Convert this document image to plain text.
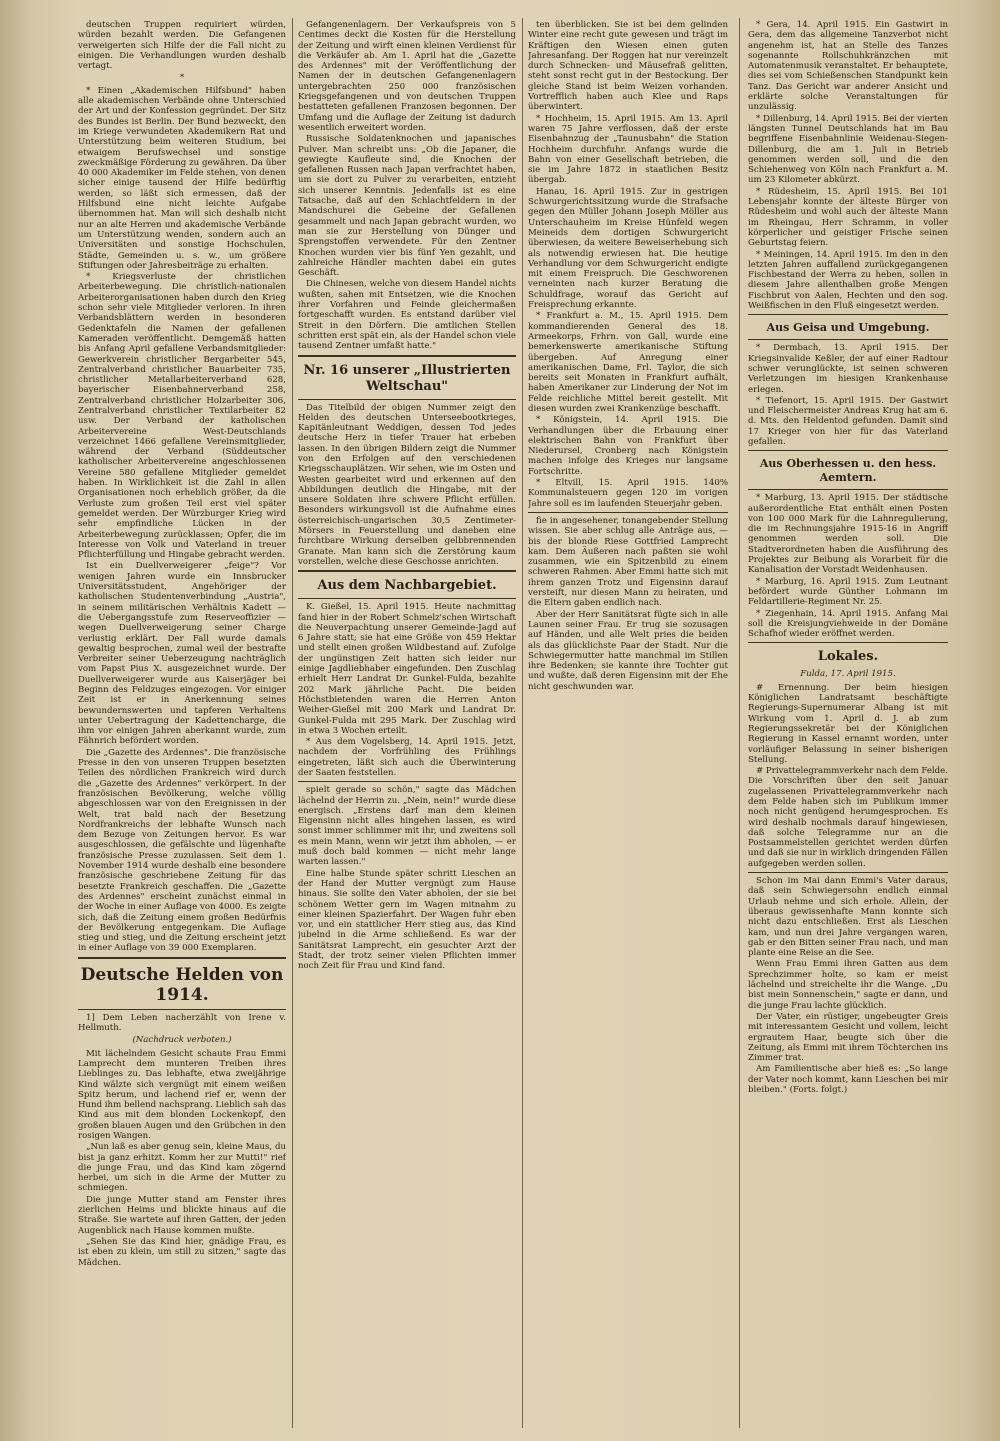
deutschen Truppen requiriert würden, würden bezahlt werden. Die Gefangenen verweigerten sich Hilfe der die Fall nicht zu einigen. Die Verhandlungen wurden deshalb vertagt.

*

* Einen „Akademischen Hilfsbund" haben alle akademischen Verbände ohne Unterschied der Art und der Konfession gegründet. Der Sitz des Bundes ist Berlin. Der Bund bezweckt, den im Kriege verwundeten Akademikern Rat und Unterstützung beim weiteren Studium, bei etwaigem Berufswechsel und sonstige zweckmäßige Förderung zu gewähren. Da über 40 000 Akademiker im Felde stehen, von denen sicher einige tausend der Hilfe bedürftig werden, so läßt sich ermessen, daß der Hilfsbund eine nicht leichte Aufgabe übernommen hat. Man will sich deshalb nicht nur an alte Herren und akademische Verbände um Unterstützung wenden, sondern auch an Universitäten und sonstige Hochschulen, Städte, Gemeinden u. s. w., um größere Stiftungen oder Jahresbeiträge zu erhalten.

* Kriegsverluste der christlichen Arbeiterbewegung. Die christlich-nationalen Arbeiterorganisationen haben durch den Krieg schon sehr viele Mitglieder verloren. In ihren Verbandsblättern werden in besonderen Gedenktafeln die Namen der gefallenen Kameraden veröffentlicht. Demgemäß hatten bis Anfang April gefallene Verbandsmitglieder: Gewerkverein christlicher Bergarbeiter 545, Zentralverband christlicher Bauarbeiter 735, christlicher Metallarbeiterverband 628, bayerischer Eisenbahnerverband 258, Zentralverband christlicher Holzarbeiter 306, Zentralverband christlicher Textilarbeiter 82 usw. Der Verband der katholischen Arbeitervereine West-Deutschlands verzeichnet 1466 gefallene Vereinsmitglieder, während der Verband (Süddeutscher katholischer Arbeitervereine angeschlossenen Vereine 580 gefallene Mitglieder gemeldet haben. In Wirklichkeit ist die Zahl in allen Organisationen noch erheblich größer, da die Verluste zum großen Teil erst viel später gemeldet werden. Der Würzburger Krieg wird sehr empfindliche Lücken in der Arbeiterbewegung zurücklassen; Opfer, die im Interesse von Volk und Vaterland in treuer Pflichterfüllung und Hingabe gebracht werden.

Ist ein Duellverweigerer „feige"? Vor wenigen Jahren wurde ein Innsbrucker Universitätsstudent, Angehöriger der katholischen Studentenverbindung „Austria", in seinem militärischen Verhältnis Kadett — die Uebergangsstufe zum Reserveoffizier — wegen Duellverweigerung seiner Charge verlustig erklärt. Der Fall wurde damals gewaltig besprochen, zumal weil der bestrafte Verbreiter seiner Ueberzeugung nachträglich vom Papst Pius X. ausgezeichnet wurde. Der Duellverweigerer wurde aus Kaiserjäger bei Beginn des Feldzuges eingezogen. Vor einiger Zeit ist er in Anerkennung seines bewundernswerten und tapferen Verhaltens unter Uebertragung der Kadettencharge, die ihm vor einigen Jahren aberkannt wurde, zum Fähnrich befördert worden.

Die „Gazette des Ardennes". Die französische Presse in den von unseren Truppen besetzten Teilen des nördlichen Frankreich wird durch die „Gazette des Ardennes" verkörpert. In der französischen Bevölkerung, welche völlig abgeschlossen war von den Ereignissen in der Welt, trat bald nach der Besetzung Nordfrankreichs der lebhafte Wunsch nach dem Bezuge von Zeitungen hervor. Es war ausgeschlossen, die gefälschte und lügenhafte französische Presse zuzulassen. Seit dem 1. November 1914 wurde deshalb eine besondere französische geschriebene Zeitung für das besetzte Frankreich geschaffen. Die „Gazette des Ardennes" erscheint zunächst einmal in der Woche in einer Auflage von 4000. Es zeigte sich, daß die Zeitung einem großen Bedürfnis der Bevölkerung entgegenkam. Die Auflage stieg und stieg, und die Zeitung erscheint jetzt in einer Auflage von 39 000 Exemplaren.

Deutsche Helden von 1914.

1] Dem Leben nacherzählt von Irene v. Hellmuth.

(Nachdruck verboten.)

Mit lächelndem Gesicht schaute Frau Emmi Lamprecht dem munteren Treiben ihres Lieblinges zu. Das lebhafte, etwa zweijährige Kind wälzte sich vergnügt mit einem weißen Spitz herum, und lachend rief er, wenn der Hund ihm bellend nachsprang. Lieblich sah das Kind aus mit dem blonden Lockenkopf, den großen blauen Augen und den Grübchen in den rosigen Wangen.

„Nun laß es aber genug sein, kleine Maus, du bist ja ganz erhitzt. Komm her zur Mutti!" rief die junge Frau, und das Kind kam zögernd herbei, um sich in die Arme der Mutter zu schmiegen.

Die junge Mutter stand am Fenster ihres zierlichen Heims und blickte hinaus auf die Straße. Sie wartete auf ihren Gatten, der jeden Augenblick nach Hause kommen mußte.

„Sehen Sie das Kind hier, gnädige Frau, es ist eben zu klein, um still zu sitzen," sagte das Mädchen.

Gefangenenlagern. Der Verkaufspreis von 5 Centimes deckt die Kosten für die Herstellung der Zeitung und wirft einen kleinen Verdienst für die Verkäufer ab. Am 1. April hat die „Gazette des Ardennes" mit der Veröffentlichung der Namen der in deutschen Gefangenenlagern untergebrachten 250 000 französischen Kriegsgefangenen und von deutschen Truppen bestatteten gefallenen Franzosen begonnen. Der Umfang und die Auflage der Zeitung ist dadurch wesentlich erweitert worden.

Russische Soldatenknochen und japanisches Pulver. Man schreibt uns: „Ob die Japaner, die gewiegte Kaufleute sind, die Knochen der gefallenen Russen nach Japan verfrachtet haben, um sie dort zu Pulver zu verarbeiten, entzieht sich unserer Kenntnis. Jedenfalls ist es eine Tatsache, daß auf den Schlachtfeldern in der Mandschurei die Gebeine der Gefallenen gesammelt und nach Japan gebracht wurden, wo man sie zur Herstellung von Dünger und Sprengstoffen verwendete. Für den Zentner Knochen wurden vier bis fünf Yen gezahlt, und zahlreiche Händler machten dabei ein gutes Geschäft.

Die Chinesen, welche von diesem Handel nichts wußten, sahen mit Entsetzen, wie die Knochen ihrer Vorfahren und Feinde gleichermaßen fortgeschafft wurden. Es entstand darüber viel Streit in den Dörfern. Die amtlichen Stellen schritten erst spät ein, als der Handel schon viele tausend Zentner umfaßt hatte."

Nr. 16 unserer „Illustrierten Weltschau"

Das Titelbild der obigen Nummer zeigt den Helden des deutschen Unterseebootkrieges, Kapitänleutnant Weddigen, dessen Tod jedes deutsche Herz in tiefer Trauer hat erbeben lassen. In den übrigen Bildern zeigt die Nummer von den Erfolgen auf den verschiedenen Kriegsschauplätzen. Wir sehen, wie im Osten und Westen gearbeitet wird und erkennen auf den Abbildungen deutlich die Hingabe, mit der unsere Soldaten ihre schwere Pflicht erfüllen. Besonders wirkungsvoll ist die Aufnahme eines österreichisch-ungarischen 30,5 Zentimeter-Mörsers in Feuerstellung und daneben eine furchtbare Wirkung derselben gelbbrennenden Granate. Man kann sich die Zerstörung kaum vorstellen, welche diese Geschosse anrichten.

Aus dem Nachbargebiet.

K. Gießel, 15. April 1915. Heute nachmittag fand hier in der Robert Schmelz'schen Wirtschaft die Neuverpachtung unserer Gemeinde-Jagd auf 6 Jahre statt; sie hat eine Größe von 459 Hektar und stellt einen großen Wildbestand auf. Zufolge der ungünstigen Zeit hatten sich leider nur einige Jagdliebhaber eingefunden. Den Zuschlag erhielt Herr Landrat Dr. Gunkel-Fulda, bezahlte 202 Mark jährliche Pacht. Die beiden Höchstbietenden waren die Herren Anton Weiher-Gießel mit 200 Mark und Landrat Dr. Gunkel-Fulda mit 295 Mark. Der Zuschlag wird in etwa 3 Wochen erteilt.

* Aus dem Vogelsberg, 14. April 1915. Jetzt, nachdem der Vorfrühling des Frühlings eingetreten, läßt sich auch die Überwinterung der Saaten feststellen.

spielt gerade so schön," sagte das Mädchen lächelnd der Herrin zu. „Nein, nein!" wurde diese energisch. „Erstens darf man dem kleinen Eigensinn nicht alles hingehen lassen, es wird sonst immer schlimmer mit ihr, und zweitens soll es mein Mann, wenn wir jetzt ihm abholen, — er muß doch bald kommen — nicht mehr lange warten lassen."

Eine halbe Stunde später schritt Lieschen an der Hand der Mutter vergnügt zum Hause hinaus. Sie sollte den Vater abholen, der sie bei schönem Wetter gern im Wagen mitnahm zu einer kleinen Spazierfahrt. Der Wagen fuhr eben vor, und ein stattlicher Herr stieg aus, das Kind jubelnd in die Arme schließend. Es war der Sanitätsrat Lamprecht, ein gesuchter Arzt der Stadt, der trotz seiner vielen Pflichten immer noch Zeit für Frau und Kind fand.

ten überblicken. Sie ist bei dem gelinden Winter eine recht gute gewesen und trägt im Kräftigen den Wiesen einen guten Jahresanfang. Der Roggen hat nur vereinzelt durch Schnecken- und Mäusefraß gelitten, steht sonst recht gut in der Bestockung. Der gleiche Stand ist beim Weizen vorhanden. Vortrefflich haben auch Klee und Raps überwintert.

* Hochheim, 15. April 1915. Am 13. April waren 75 Jahre verflossen, daß der erste Eisenbahnzug der „Taunusbahn" die Station Hochheim durchfuhr. Anfangs wurde die Bahn von einer Gesellschaft betrieben, die sie im Jahre 1872 in staatlichen Besitz übergab.

Hanau, 16. April 1915. Zur in gestrigen Schwurgerichtssitzung wurde die Strafsache gegen den Müller Johann Joseph Möller aus Unterschauheim im Kreise Hünfeld wegen Meineids dem dortigen Schwurgericht überwiesen, da weitere Beweiserhebung sich als notwendig erwiesen hat. Die heutige Verhandlung vor dem Schwurgericht endigte mit einem Freispruch. Die Geschworenen verneinten nach kurzer Beratung die Schuldfrage, worauf das Gericht auf Freisprechung erkannte.

* Frankfurt a. M., 15. April 1915. Dem kommandierenden General des 18. Armeekorps, Frhrn. von Gall, wurde eine bemerkenswerte amerikanische Stiftung übergeben. Auf Anregung einer amerikanischen Dame, Frl. Taylor, die sich bereits seit Monaten in Frankfurt aufhält, haben Amerikaner zur Linderung der Not im Felde reichliche Mittel bereit gestellt. Mit diesen wurden zwei Krankenzüge beschafft.

* Königstein, 14. April 1915. Die Verhandlungen über die Erbauung einer elektrischen Bahn von Frankfurt über Niederursel, Cronberg nach Königstein machen infolge des Krieges nur langsame Fortschritte.

* Eltvill, 15. April 1915. 140% Kommunalsteuern gegen 120 im vorigen Jahre soll es im laufenden Steuerjahr geben.

fie in angesehener, tonangebender Stellung wissen. Sie aber schlug alle Anträge aus, — bis der blonde Riese Gottfried Lamprecht kam. Dem Äußeren nach paßten sie wohl zusammen, wie ein Spitzenbild zu einem schweren Rahmen. Aber Emmi hatte sich mit ihrem ganzen Trotz und Eigensinn darauf versteift, nur diesen Mann zu heiraten, und die Eltern gaben endlich nach.

Aber der Herr Sanitätsrat fügte sich in alle Launen seiner Frau. Er trug sie sozusagen auf Händen, und alle Welt pries die beiden als das glücklichste Paar der Stadt. Nur die Schwiegermutter hatte manchmal im Stillen ihre Bedenken; sie kannte ihre Tochter gut und wußte, daß deren Eigensinn mit der Ehe nicht geschwunden war.

* Gera, 14. April 1915. Ein Gastwirt in Gera, dem das allgemeine Tanzverbot nicht angenehm ist, hat an Stelle des Tanzes sogenannte Rollschuhkränzchen mit Automatenmusik veranstaltet. Er behauptete, dies sei vom Schießenschen Standpunkt kein Tanz. Das Gericht war anderer Ansicht und erklärte solche Veranstaltungen für unzulässig.

* Dillenburg, 14. April 1915. Bei der vierten längsten Tunnel Deutschlands hat im Bau begriffene Eisenbahnlinie Weidenau-Siegen-Dillenburg, die am 1. Juli in Betrieb genommen werden soll, und die den Schiehenweg von Köln nach Frankfurt a. M. um 23 Kilometer abkürzt.

* Rüdesheim, 15. April 1915. Bei 101 Lebensjahr konnte der älteste Bürger von Rüdesheim und wohl auch der älteste Mann im Rheingau, Herr Schramm, in voller körperlicher und geistiger Frische seinen Geburtstag feiern.

* Meiningen, 14. April 1915. Im den in den letzten Jahren auffallend zurückgegangenen Fischbestand der Werra zu heben, sollen in diesem Jahre allenthalben große Mengen Fischbrut von Aalen, Hechten und den sog. Weißfischen in den Fluß eingesetzt werden.

Aus Geisa und Umgebung.

* Dermbach, 13. April 1915. Der Kriegsinvalide Keßler, der auf einer Radtour schwer verunglückte, ist seinen schweren Verletzungen im hiesigen Krankenhause erlegen.

* Tiefenort, 15. April 1915. Der Gastwirt und Fleischermeister Andreas Krug hat am 6. d. Mts. den Heldentod gefunden. Damit sind 17 Krieger von hier für das Vaterland gefallen.

Aus Oberhessen u. den hess. Aemtern.

* Marburg, 13. April 1915. Der städtische außerordentliche Etat enthält einen Posten von 100 000 Mark für die Lahnregulierung, die im Rechnungsjahre 1915-16 in Angriff genommen werden soll. Die Stadtverordneten haben die Ausführung des Projektes zur Beibung als Vorarbeit für die Kanalisation der Vorstadt Weidenhausen.

* Marburg, 16. April 1915. Zum Leutnant befördert wurde Günther Lohmann im Feldartillerie-Regiment Nr. 25.

* Ziegenhain, 14. April 1915. Anfang Mai soll die Kreisjungviehweide in der Domäne Schafhof wieder eröffnet werden.

Lokales.
Fulda, 17. April 1915.

# Ernennung. Der beim hiesigen Königlichen Landratsamt beschäftigte Regierungs-Supernumerar Albang ist mit Wirkung vom 1. April d. J. ab zum Regierungssekretär bei der Königlichen Regierung in Kassel ernannt worden, unter vorläufiger Belassung in seiner bisherigen Stellung.

# Privattelegrammverkehr nach dem Felde. Die Vorschriften über den seit Januar zugelassenen Privattelegrammverkehr nach dem Felde haben sich im Publikum immer noch nicht genügend herumgesprochen. Es wird deshalb nochmals darauf hingewiesen, daß solche Telegramme nur an die Postsammelstellen gerichtet werden dürfen und daß sie nur in wirklich dringenden Fällen aufgegeben werden sollen.

Schon im Mai dann Emmi's Vater daraus, daß sein Schwiegersohn endlich einmal Urlaub nehme und sich erhole. Allein, der überaus gewissenhafte Mann konnte sich nicht dazu entschließen. Erst als Lieschen kam, und nun drei Jahre vergangen waren, gab er den Bitten seiner Frau nach, und man plante eine Reise an die See.

Wenn Frau Emmi ihren Gatten aus dem Sprechzimmer holte, so kam er meist lächelnd und streichelte ihr die Wange. „Du bist mein Sonnenschein," sagte er dann, und die junge Frau lachte glücklich.

Der Vater, ein rüstiger, ungebeugter Greis mit interessantem Gesicht und vollem, leicht ergrautem Haar, beugte sich über die Zeitung, als Emmi mit ihrem Töchterchen ins Zimmer trat.

Am Familientische aber hieß es: „So lange der Vater noch kommt, kann Lieschen bei mir bleiben." (Forts. folgt.)
